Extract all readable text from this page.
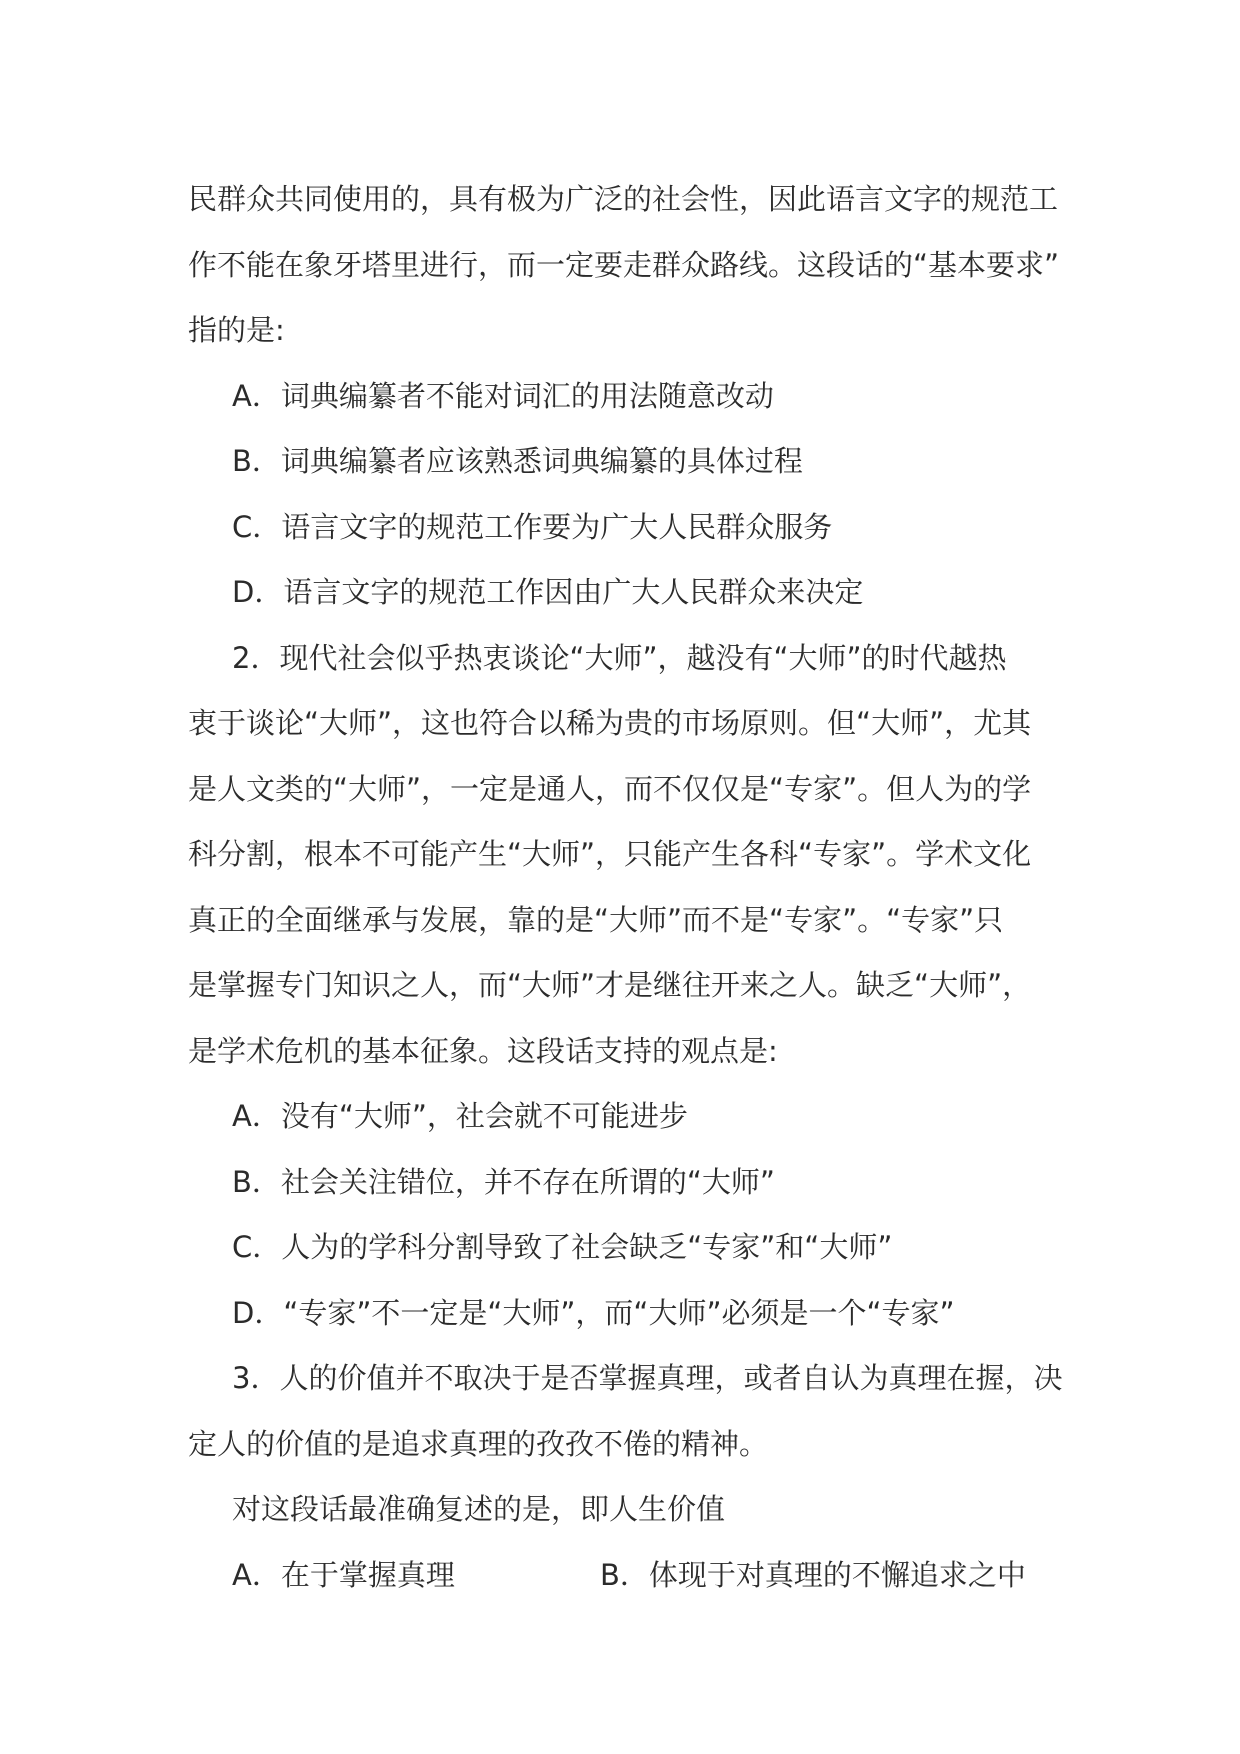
民群众共同使用的，具有极为广泛的社会性，因此语言文字的规范工

作不能在象牙塔里进行，而一定要走群众路线。这段话的“基本要求”

指的是:

A．词典编纂者不能对词汇的用法随意改动

B．词典编纂者应该熟悉词典编纂的具体过程

C．语言文字的规范工作要为广大人民群众服务

D．语言文字的规范工作因由广大人民群众来决定

2．现代社会似乎热衷谈论“大师”，越没有“大师”的时代越热

衷于谈论“大师”，这也符合以稀为贵的市场原则。但“大师”，尤其

是人文类的“大师”，一定是通人，而不仅仅是“专家”。但人为的学

科分割，根本不可能产生“大师”，只能产生各科“专家”。学术文化

真正的全面继承与发展，靠的是“大师”而不是“专家”。“专家”只

是掌握专门知识之人，而“大师”才是继往开来之人。缺乏“大师”，

是学术危机的基本征象。这段话支持的观点是:

A．没有“大师”，社会就不可能进步

B．社会关注错位，并不存在所谓的“大师”

C．人为的学科分割导致了社会缺乏“专家”和“大师”

D．“专家”不一定是“大师”，而“大师”必须是一个“专家”

3．人的价值并不取决于是否掌握真理，或者自认为真理在握，决

定人的价值的是追求真理的孜孜不倦的精神。

对这段话最准确复述的是，即人生价值

A．在于掌握真理	B．体现于对真理的不懈追求之中
